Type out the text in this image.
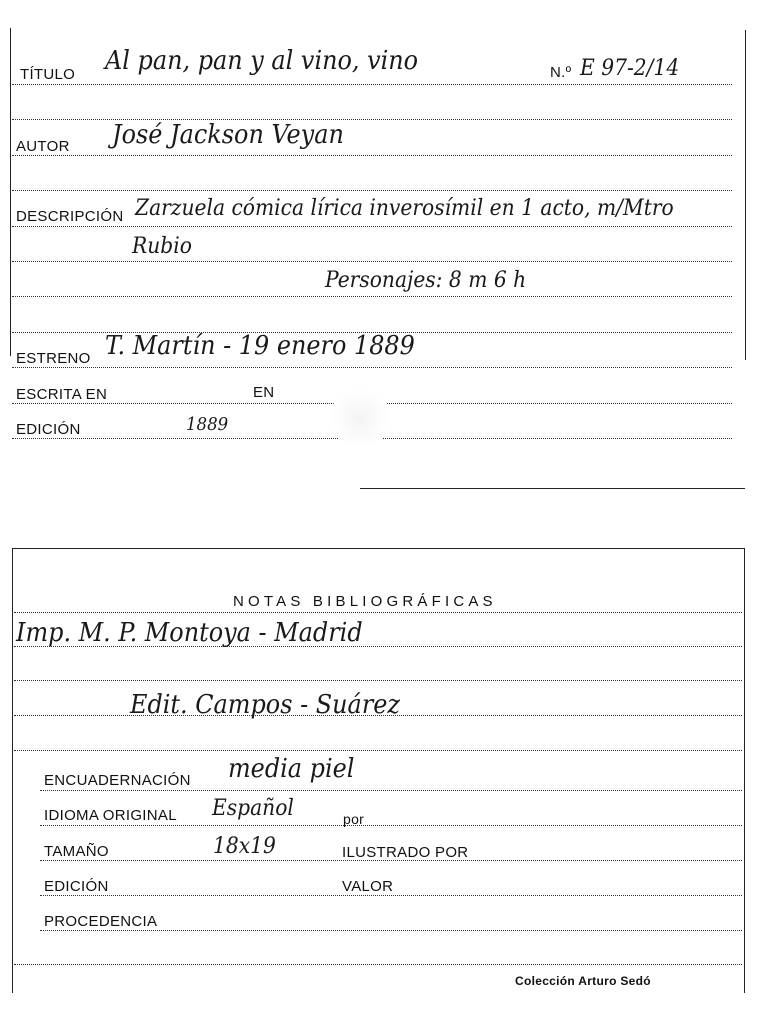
TÍTULO Al pan, pan y al vino, vino	N.º E 97-2/14
AUTOR José Jackson Veyan
DESCRIPCIÓN Zarzuela cómica lírica inverosímil en 1 acto, m/Mtro
Rubio
Personajes: 8 m 6 h
ESTRENO T. Martín - 19 enero 1889
ESCRITA EN	EN
EDICIÓN	1889
NOTAS BIBLIOGRÁFICAS
Imp. M. P. Montoya - Madrid
Edit. Campos - Suárez
ENCUADERNACIÓN media piel
IDIOMA ORIGINAL Español	por
TAMAÑO	18x19	ILUSTRADO POR
EDICIÓN	VALOR
PROCEDENCIA
Colección Arturo Sedó
